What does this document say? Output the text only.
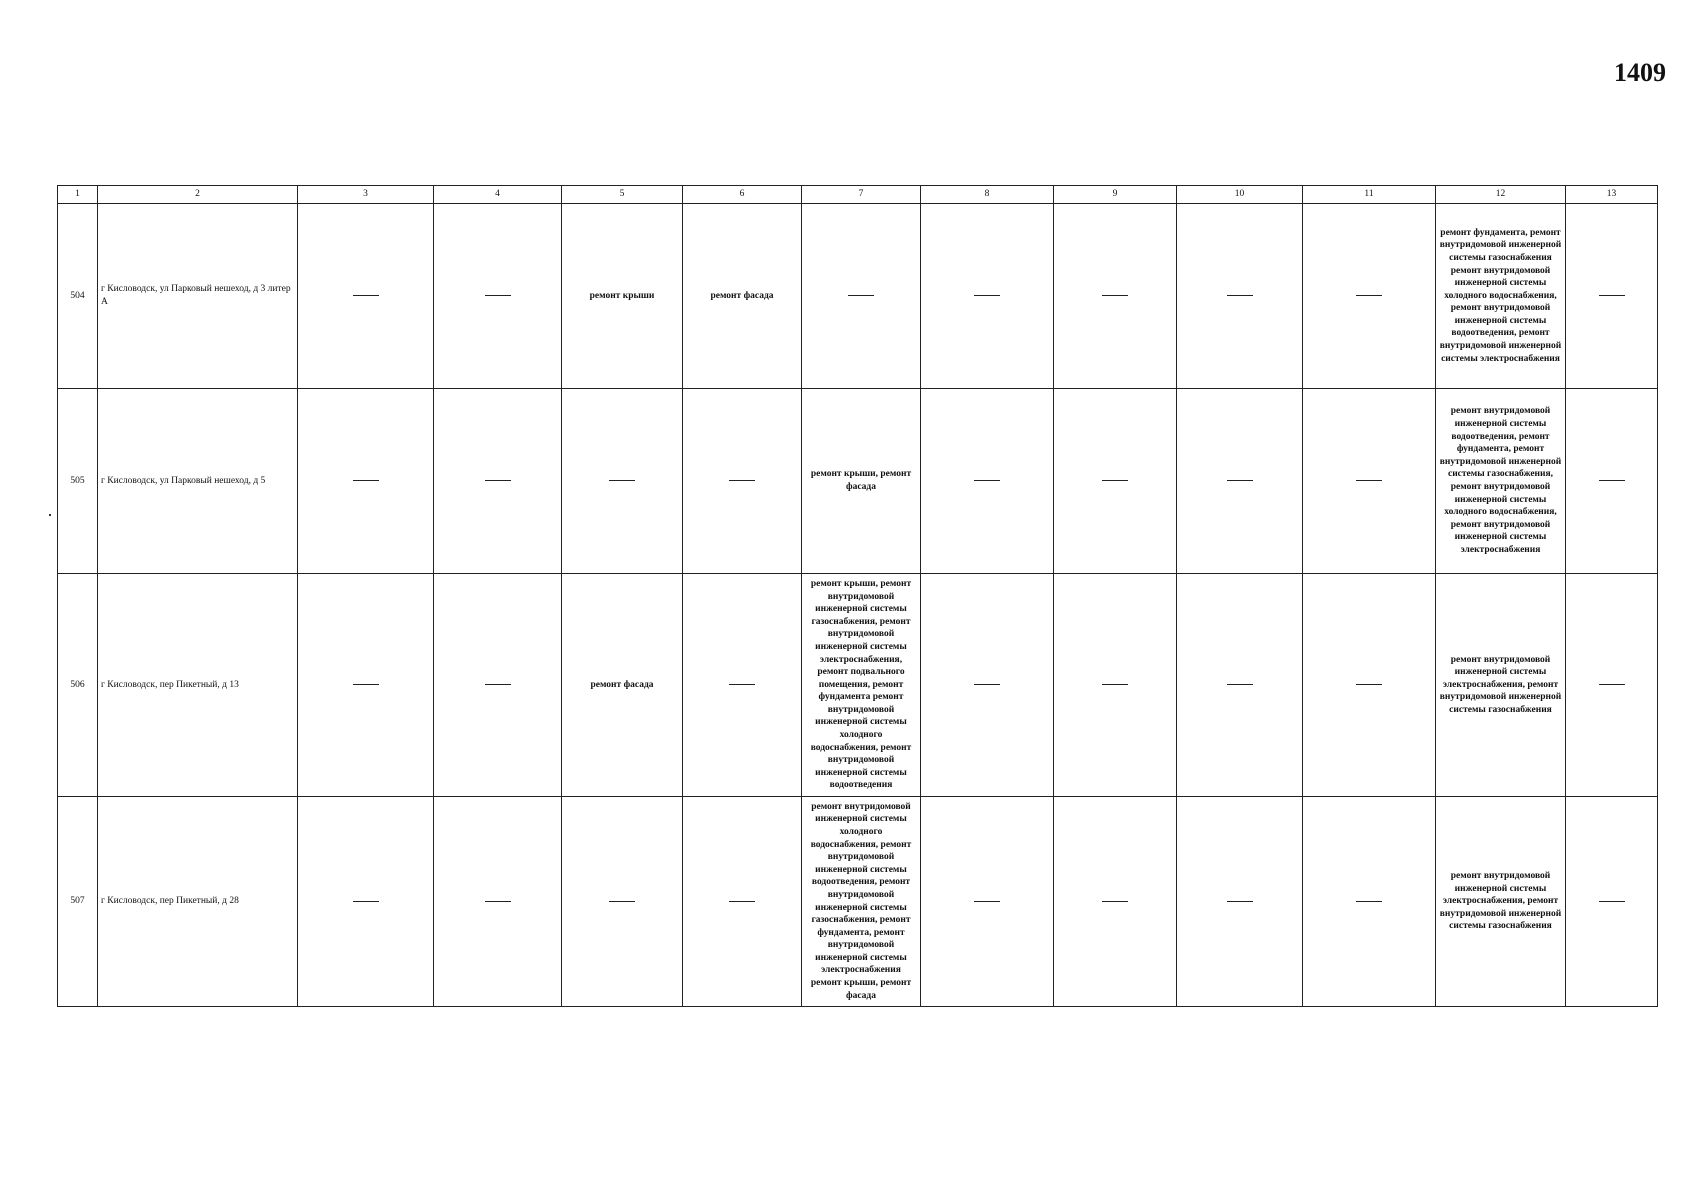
1409
1	2	3	4	5	6	7	8	9	10	11	12	13
504	г Кисловодск, ул Парковый нешеход, д 3 литер А			ремонт крыши	ремонт фасада						ремонт фундамента, ремонт внутридомовой инженерной системы газоснабжения ремонт внутридомовой инженерной системы холодного водоснабжения, ремонт внутридомовой инженерной системы водоотведения, ремонт внутридомовой инженерной системы электроснабжения	
505	г Кисловодск, ул Парковый нешеход, д 5					ремонт крыши, ремонт фасада					ремонт внутридомовой инженерной системы водоотведения, ремонт фундамента, ремонт внутридомовой инженерной системы газоснабжения, ремонт внутридомовой инженерной системы холодного водоснабжения, ремонт внутридомовой инженерной системы электроснабжения	
506	г Кисловодск, пер Пикетный, д 13			ремонт фасада		ремонт крыши, ремонт внутридомовой инженерной системы газоснабжения, ремонт внутридомовой инженерной системы электроснабжения, ремонт подвального помещения, ремонт фундамента ремонт внутридомовой инженерной системы холодного водоснабжения, ремонт внутридомовой инженерной системы водоотведения					ремонт внутридомовой инженерной системы электроснабжения, ремонт внутридомовой инженерной системы газоснабжения	
507	г Кисловодск, пер Пикетный, д 28					ремонт внутридомовой инженерной системы холодного водоснабжения, ремонт внутридомовой инженерной системы водоотведения, ремонт внутридомовой инженерной системы газоснабжения, ремонт фундамента, ремонт внутридомовой инженерной системы электроснабжения ремонт крыши, ремонт фасада					ремонт внутридомовой инженерной системы электроснабжения, ремонт внутридомовой инженерной системы газоснабжения	
